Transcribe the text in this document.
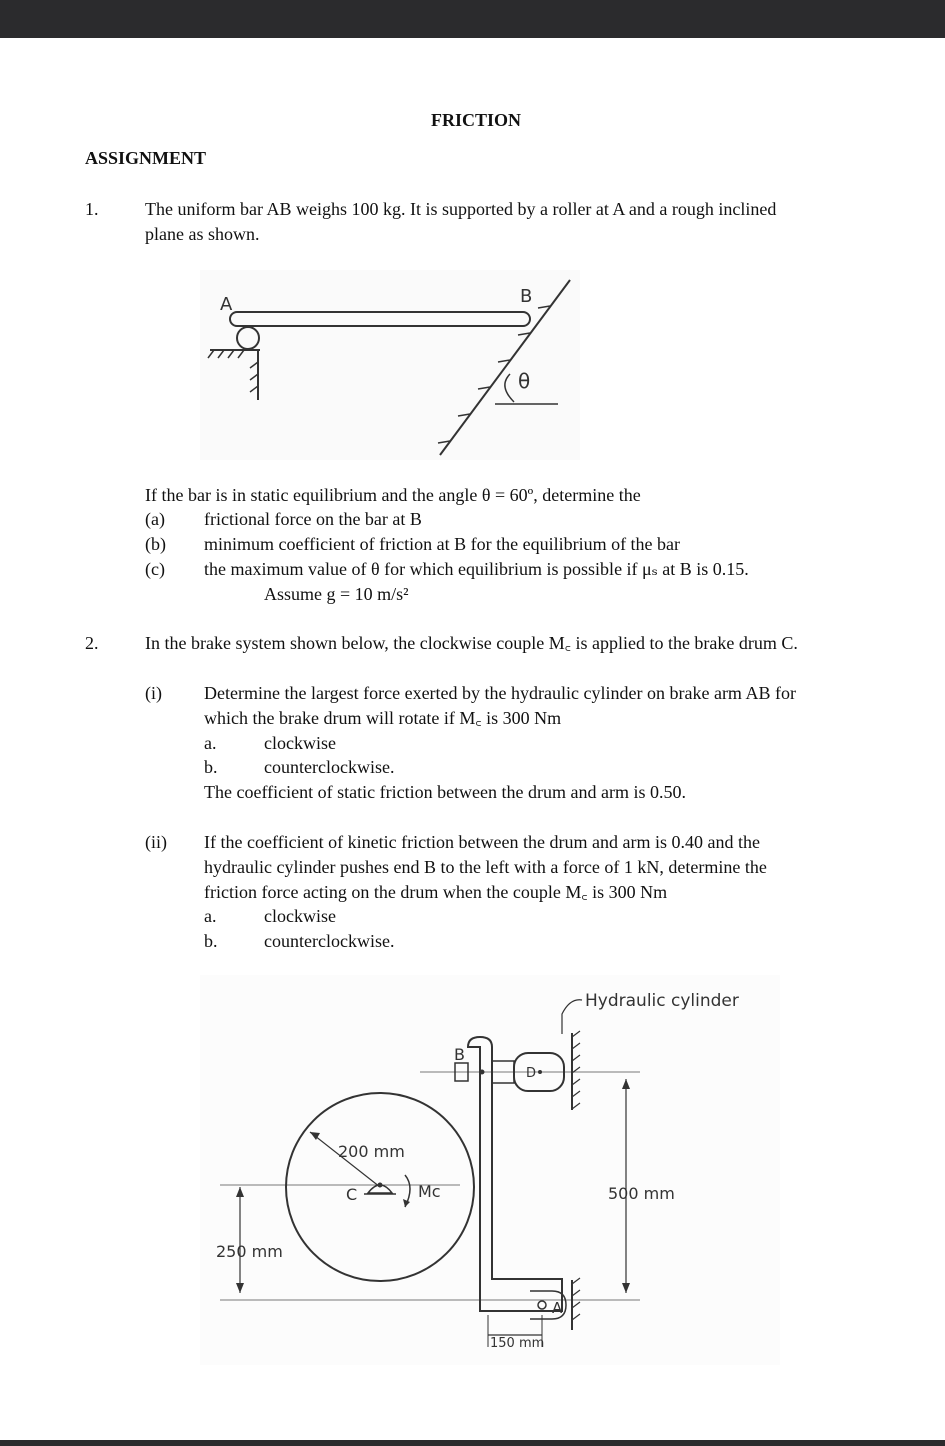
FRICTION
ASSIGNMENT
1.	The uniform bar AB weighs 100 kg. It is supported by a roller at A and a rough inclined
plane as shown.
A	B
θ
If the bar is in static equilibrium and the angle θ = 60º, determine the
(a) frictional force on the bar at B
(b) minimum coefficient of friction at B for the equilibrium of the bar
(c) the maximum value of θ for which equilibrium is possible if μₛ at B is 0.15.
Assume g = 10 m/s²
2.	In the brake system shown below, the clockwise couple M꜀ is applied to the brake drum C.
(i) Determine the largest force exerted by the hydraulic cylinder on brake arm AB for
which the brake drum will rotate if M꜀ is 300 Nm
a.	clockwise
b.	counterclockwise.
The coefficient of static friction between the drum and arm is 0.50.
(ii) If the coefficient of kinetic friction between the drum and arm is 0.40 and the
hydraulic cylinder pushes end B to the left with a force of 1 kN, determine the
friction force acting on the drum when the couple M꜀ is 300 Nm
a.	clockwise
b.	counterclockwise.
Hydraulic cylinder
200 mm
C	Mc
B
D
A
500 mm
250 mm
150 mm
